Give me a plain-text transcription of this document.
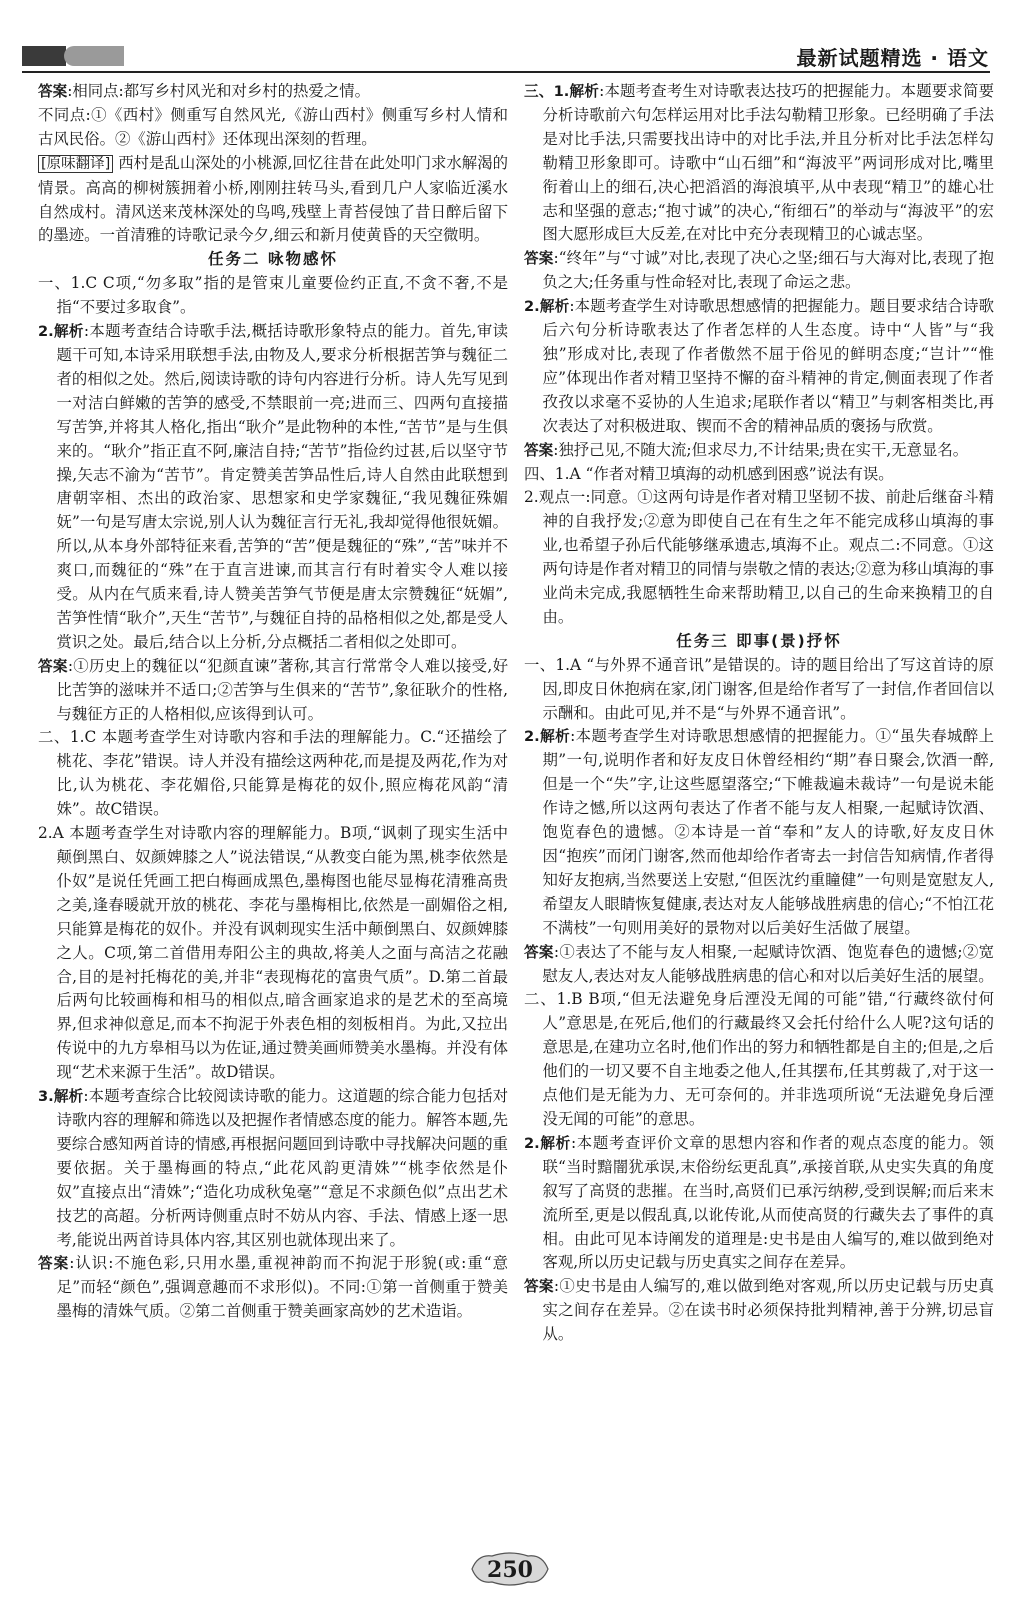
最新试题精选 · 语文

答案:相同点:都写乡村风光和对乡村的热爱之情。

不同点:①《西村》侧重写自然风光,《游山西村》侧重写乡村人情和古风民俗。②《游山西村》还体现出深刻的哲理。

[原味翻译] 西村是乱山深处的小桃源,回忆往昔在此处叩门求水解渴的情景。高高的柳树簇拥着小桥,刚刚拄转马头,看到几户人家临近溪水自然成村。清风送来茂林深处的鸟鸣,残壁上青苔侵蚀了昔日醉后留下的墨迹。一首清雅的诗歌记录今夕,细云和新月使黄昏的天空微明。

任务二 咏物感怀

一、1.C C项,“勿多取”指的是管束儿童要俭约正直,不贪不奢,不是指“不要过多取食”。

2.解析:本题考查结合诗歌手法,概括诗歌形象特点的能力。首先,审读题干可知,本诗采用联想手法,由物及人,要求分析根据苦笋与魏征二者的相似之处。然后,阅读诗歌的诗句内容进行分析。诗人先写见到一对洁白鲜嫩的苦笋的感受,不禁眼前一亮;进而三、四两句直接描写苦笋,并将其人格化,指出“耿介”是此物种的本性,“苦节”是与生俱来的。“耿介”指正直不阿,廉洁自持;“苦节”指俭约过甚,后以坚守节操,矢志不渝为“苦节”。肯定赞美苦笋品性后,诗人自然由此联想到唐朝宰相、杰出的政治家、思想家和史学家魏征,“我见魏征殊媚妩”一句是写唐太宗说,别人认为魏征言行无礼,我却觉得他很妩媚。所以,从本身外部特征来看,苦笋的“苦”便是魏征的“殊”,“苦”味并不爽口,而魏征的“殊”在于直言进谏,而其言行有时着实令人难以接受。从内在气质来看,诗人赞美苦笋气节便是唐太宗赞魏征“妩媚”,苦笋性情“耿介”,天生“苦节”,与魏征自持的品格相似之处,都是受人赏识之处。最后,结合以上分析,分点概括二者相似之处即可。

答案:①历史上的魏征以“犯颜直谏”著称,其言行常常令人难以接受,好比苦笋的滋味并不适口;②苦笋与生俱来的“苦节”,象征耿介的性格,与魏征方正的人格相似,应该得到认可。

二、1.C 本题考查学生对诗歌内容和手法的理解能力。C.“还描绘了桃花、李花”错误。诗人并没有描绘这两种花,而是提及两花,作为对比,认为桃花、李花媚俗,只能算是梅花的奴仆,照应梅花风韵“清姝”。故C错误。

2.A 本题考查学生对诗歌内容的理解能力。B项,“讽刺了现实生活中颠倒黑白、奴颜婢膝之人”说法错误,“从教变白能为黑,桃李依然是仆奴”是说任凭画工把白梅画成黑色,墨梅图也能尽显梅花清雅高贵之美,逢春暖就开放的桃花、李花与墨梅相比,依然是一副媚俗之相,只能算是梅花的奴仆。并没有讽刺现实生活中颠倒黑白、奴颜婢膝之人。C项,第二首借用寿阳公主的典故,将美人之面与高洁之花融合,目的是衬托梅花的美,并非“表现梅花的富贵气质”。D.第二首最后两句比较画梅和相马的相似点,暗含画家追求的是艺术的至高境界,但求神似意足,而本不拘泥于外表色相的刻板相肖。为此,又拉出传说中的九方皋相马以为佐证,通过赞美画师赞美水墨梅。并没有体现“艺术来源于生活”。故D错误。

3.解析:本题考查综合比较阅读诗歌的能力。这道题的综合能力包括对诗歌内容的理解和筛选以及把握作者情感态度的能力。解答本题,先要综合感知两首诗的情感,再根据问题回到诗歌中寻找解决问题的重要依据。关于墨梅画的特点,“此花风韵更清姝”“桃李依然是仆奴”直接点出“清姝”;“造化功成秋兔毫”“意足不求颜色似”点出艺术技艺的高超。分析两诗侧重点时不妨从内容、手法、情感上逐一思考,能说出两首诗具体内容,其区别也就体现出来了。

答案:认识:不施色彩,只用水墨,重视神韵而不拘泥于形貌(或:重“意足”而轻“颜色”,强调意趣而不求形似)。不同:①第一首侧重于赞美墨梅的清姝气质。②第二首侧重于赞美画家高妙的艺术造诣。

三、1.解析:本题考查考生对诗歌表达技巧的把握能力。本题要求简要分析诗歌前六句怎样运用对比手法勾勒精卫形象。已经明确了手法是对比手法,只需要找出诗中的对比手法,并且分析对比手法怎样勾勒精卫形象即可。诗歌中“山石细”和“海波平”两词形成对比,嘴里衔着山上的细石,决心把滔滔的海浪填平,从中表现“精卫”的雄心壮志和坚强的意志;“抱寸诚”的决心,“衔细石”的举动与“海波平”的宏图大愿形成巨大反差,在对比中充分表现精卫的心诚志坚。

答案:“终年”与“寸诚”对比,表现了决心之坚;细石与大海对比,表现了抱负之大;任务重与性命轻对比,表现了命运之悲。

2.解析:本题考查学生对诗歌思想感情的把握能力。题目要求结合诗歌后六句分析诗歌表达了作者怎样的人生态度。诗中“人皆”与“我独”形成对比,表现了作者傲然不屈于俗见的鲜明态度;“岂计”“惟应”体现出作者对精卫坚持不懈的奋斗精神的肯定,侧面表现了作者孜孜以求毫不妥协的人生追求;尾联作者以“精卫”与刺客相类比,再次表达了对积极进取、锲而不舍的精神品质的褒扬与欣赏。

答案:独抒己见,不随大流;但求尽力,不计结果;贵在实干,无意显名。

四、1.A “作者对精卫填海的动机感到困惑”说法有误。

2.观点一:同意。①这两句诗是作者对精卫坚韧不拔、前赴后继奋斗精神的自我抒发;②意为即使自己在有生之年不能完成移山填海的事业,也希望子孙后代能够继承遗志,填海不止。观点二:不同意。①这两句诗是作者对精卫的同情与崇敬之情的表达;②意为移山填海的事业尚未完成,我愿牺牲生命来帮助精卫,以自己的生命来换精卫的自由。

任务三 即事(景)抒怀

一、1.A “与外界不通音讯”是错误的。诗的题目给出了写这首诗的原因,即皮日休抱病在家,闭门谢客,但是给作者写了一封信,作者回信以示酬和。由此可见,并不是“与外界不通音讯”。

2.解析:本题考查学生对诗歌思想感情的把握能力。①“虽失春城醉上期”一句,说明作者和好友皮日休曾经相约“期”春日聚会,饮酒一醉,但是一个“失”字,让这些愿望落空;“下帷裁遍未裁诗”一句是说未能作诗之憾,所以这两句表达了作者不能与友人相聚,一起赋诗饮酒、饱览春色的遗憾。②本诗是一首“奉和”友人的诗歌,好友皮日休因“抱疾”而闭门谢客,然而他却给作者寄去一封信告知病情,作者得知好友抱病,当然要送上安慰,“但医沈约重瞳健”一句则是宽慰友人,希望友人眼睛恢复健康,表达对友人能够战胜病患的信心;“不怕江花不满枝”一句则用美好的景物对以后美好生活做了展望。

答案:①表达了不能与友人相聚,一起赋诗饮酒、饱览春色的遗憾;②宽慰友人,表达对友人能够战胜病患的信心和对以后美好生活的展望。

二、1.B B项,“但无法避免身后湮没无闻的可能”错,“行藏终欲付何人”意思是,在死后,他们的行藏最终又会托付给什么人呢?这句话的意思是,在建功立名时,他们作出的努力和牺牲都是自主的;但是,之后他们的一切又要不自主地委之他人,任其摆布,任其剪裁了,对于这一点他们是无能为力、无可奈何的。并非选项所说“无法避免身后湮没无闻的可能”的意思。

2.解析:本题考查评价文章的思想内容和作者的观点态度的能力。领联“当时黯闇犹承误,末俗纷纭更乱真”,承接首联,从史实失真的角度叙写了高贤的悲摧。在当时,高贤们已承污纳秽,受到误解;而后来末流所至,更是以假乱真,以讹传讹,从而使高贤的行藏失去了事件的真相。由此可见本诗阐发的道理是:史书是由人编写的,难以做到绝对客观,所以历史记载与历史真实之间存在差异。

答案:①史书是由人编写的,难以做到绝对客观,所以历史记载与历史真实之间存在差异。②在读书时必须保持批判精神,善于分辨,切忌盲从。

250
